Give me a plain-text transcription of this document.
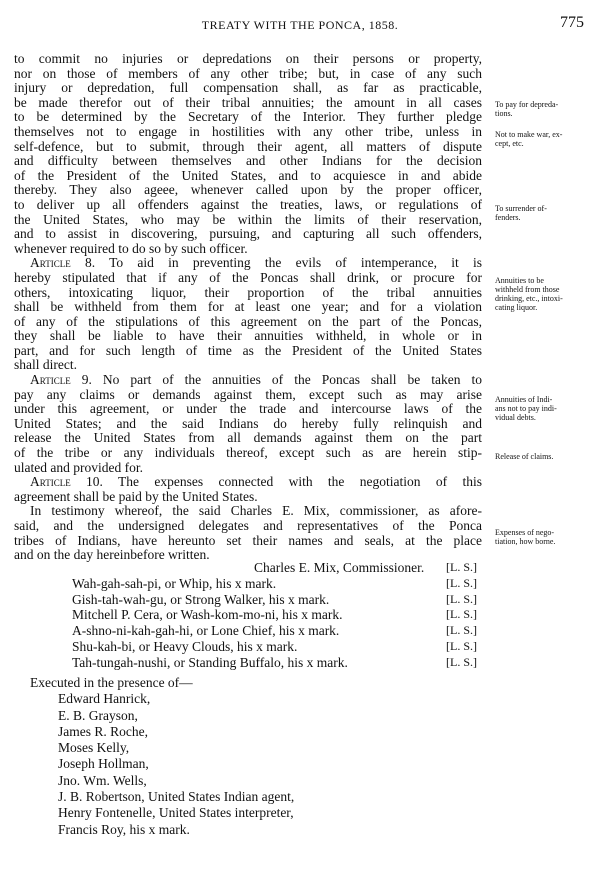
TREATY WITH THE PONCA, 1858.	775
to commit no injuries or depredations on their persons or property,
nor on those of members of any other tribe; but, in case of any such
injury or depredation, full compensation shall, as far as practicable,
be made therefor out of their tribal annuities; the amount in all cases
to be determined by the Secretary of the Interior. They further pledge
themselves not to engage in hostilities with any other tribe, unless in
self-defence, but to submit, through their agent, all matters of dispute
and difficulty between themselves and other Indians for the decision
of the President of the United States, and to acquiesce in and abide
thereby. They also ageee, whenever called upon by the proper officer,
to deliver up all offenders against the treaties, laws, or regulations of
the United States, who may be within the limits of their reservation,
and to assist in discovering, pursuing, and capturing all such offenders,
whenever required to do so by such officer.
Article 8. To aid in preventing the evils of intemperance, it is
hereby stipulated that if any of the Poncas shall drink, or procure for
others, intoxicating liquor, their proportion of the tribal annuities
shall be withheld from them for at least one year; and for a violation
of any of the stipulations of this agreement on the part of the Poncas,
they shall be liable to have their annuities withheld, in whole or in
part, and for such length of time as the President of the United States
shall direct.
Article 9. No part of the annuities of the Poncas shall be taken to
pay any claims or demands against them, except such as may arise
under this agreement, or under the trade and intercourse laws of the
United States; and the said Indians do hereby fully relinquish and
release the United States from all demands against them on the part
of the tribe or any individuals thereof, except such as are herein stip-
ulated and provided for.
Article 10. The expenses connected with the negotiation of this
agreement shall be paid by the United States.
In testimony whereof, the said Charles E. Mix, commissioner, as afore-
said, and the undersigned delegates and representatives of the Ponca
tribes of Indians, have hereunto set their names and seals, at the place
and on the day hereinbefore written.
Charles E. Mix, Commissioner. [L. S.]
Wah-gah-sah-pi, or Whip, his x mark.	[L. S.]
Gish-tah-wah-gu, or Strong Walker, his x mark.	[L. S.]
Mitchell P. Cera, or Wash-kom-mo-ni, his x mark.	[L. S.]
A-shno-ni-kah-gah-hi, or Lone Chief, his x mark.	[L. S.]
Shu-kah-bi, or Heavy Clouds, his x mark.	[L. S.]
Tah-tungah-nushi, or Standing Buffalo, his x mark.	[L. S.]
Executed in the presence of—
Edward Hanrick,
E. B. Grayson,
James R. Roche,
Moses Kelly,
Joseph Hollman,
Jno. Wm. Wells,
J. B. Robertson, United States Indian agent,
Henry Fontenelle, United States interpreter,
Francis Roy, his x mark.
To pay for depreda-
tions.
Not to make war, ex-
cept, etc.
To surrender of-
fenders.
Annuities to be
withheld from those
drinking, etc., intoxi-
cating liquor.
Annuities of Indi-
ans not to pay indi-
vidual debts.
Release of claims.
Expenses of nego-
tiation, how borne.
